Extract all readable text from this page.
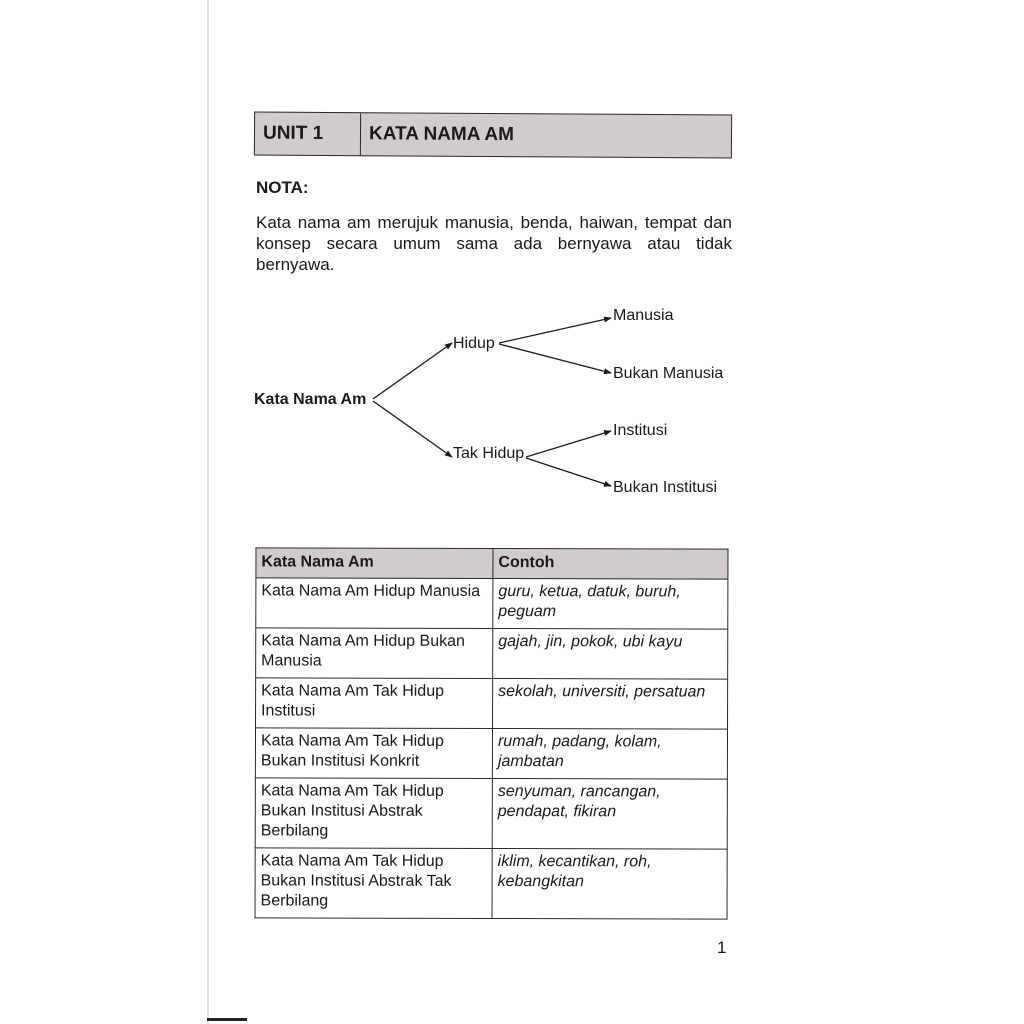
UNIT 1	KATA NAMA AM
NOTA:
Kata nama am merujuk manusia, benda, haiwan, tempat dan konsep secara umum sama ada bernyawa atau tidak bernyawa.
Kata Nama Am
Hidup
Tak Hidup
Manusia
Bukan Manusia
Institusi
Bukan Institusi
Kata Nama Am	Contoh
Kata Nama Am Hidup Manusia	guru, ketua, datuk, buruh, peguam
Kata Nama Am Hidup Bukan Manusia	gajah, jin, pokok, ubi kayu
Kata Nama Am Tak Hidup Institusi	sekolah, universiti, persatuan
Kata Nama Am Tak Hidup Bukan Institusi Konkrit	rumah, padang, kolam, jambatan
Kata Nama Am Tak Hidup Bukan Institusi Abstrak Berbilang	senyuman, rancangan, pendapat, fikiran
Kata Nama Am Tak Hidup Bukan Institusi Abstrak Tak Berbilang	iklim, kecantikan, roh, kebangkitan
1
